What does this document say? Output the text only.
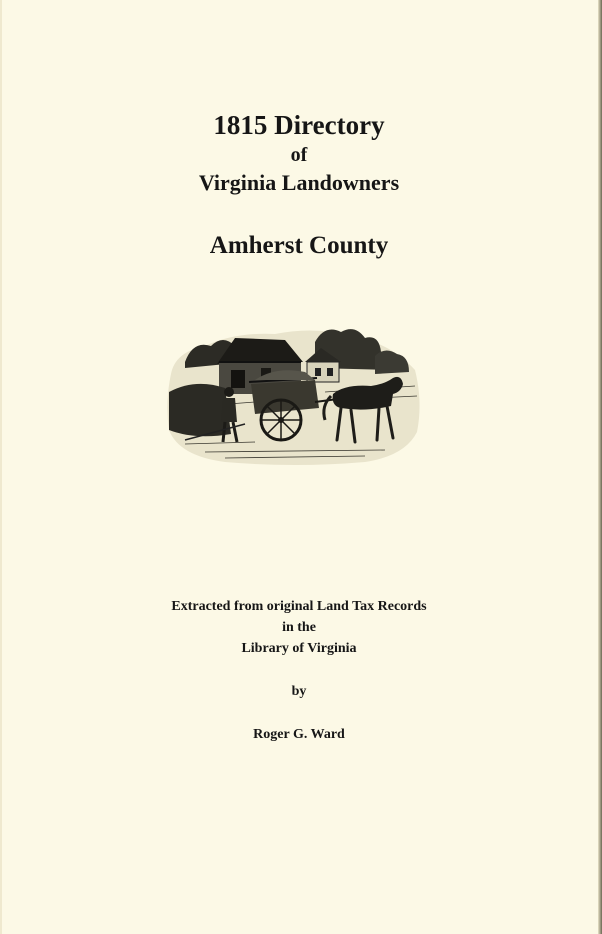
1815 Directory
of
Virginia Landowners
Amherst County
Extracted from original Land Tax Records
in the
Library of Virginia
by
Roger G. Ward
